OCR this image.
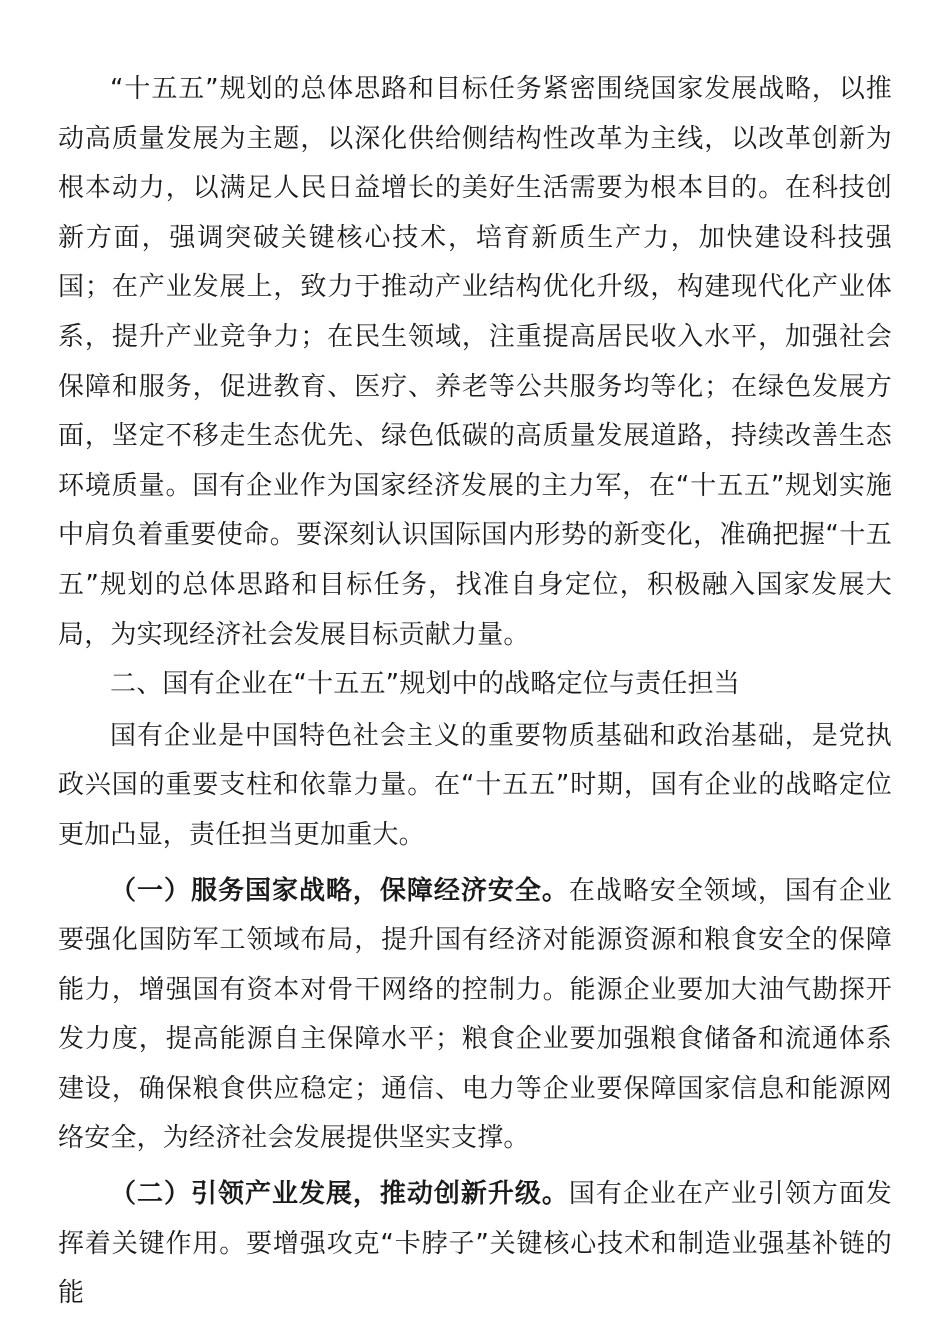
“十五五”规划的总体思路和目标任务紧密围绕国家发展战略，以推动高质量发展为主题，以深化供给侧结构性改革为主线，以改革创新为根本动力，以满足人民日益增长的美好生活需要为根本目的。在科技创新方面，强调突破关键核心技术，培育新质生产力，加快建设科技强国；在产业发展上，致力于推动产业结构优化升级，构建现代化产业体系，提升产业竞争力；在民生领域，注重提高居民收入水平，加强社会保障和服务，促进教育、医疗、养老等公共服务均等化；在绿色发展方面，坚定不移走生态优先、绿色低碳的高质量发展道路，持续改善生态环境质量。国有企业作为国家经济发展的主力军，在“十五五”规划实施中肩负着重要使命。要深刻认识国际国内形势的新变化，准确把握“十五五”规划的总体思路和目标任务，找准自身定位，积极融入国家发展大局，为实现经济社会发展目标贡献力量。

二、国有企业在“十五五”规划中的战略定位与责任担当

国有企业是中国特色社会主义的重要物质基础和政治基础，是党执政兴国的重要支柱和依靠力量。在“十五五”时期，国有企业的战略定位更加凸显，责任担当更加重大。

（一）服务国家战略，保障经济安全。在战略安全领域，国有企业要强化国防军工领域布局，提升国有经济对能源资源和粮食安全的保障能力，增强国有资本对骨干网络的控制力。能源企业要加大油气勘探开发力度，提高能源自主保障水平；粮食企业要加强粮食储备和流通体系建设，确保粮食供应稳定；通信、电力等企业要保障国家信息和能源网络安全，为经济社会发展提供坚实支撑。

（二）引领产业发展，推动创新升级。国有企业在产业引领方面发挥着关键作用。要增强攻克“卡脖子”关键核心技术和制造业强基补链的能
